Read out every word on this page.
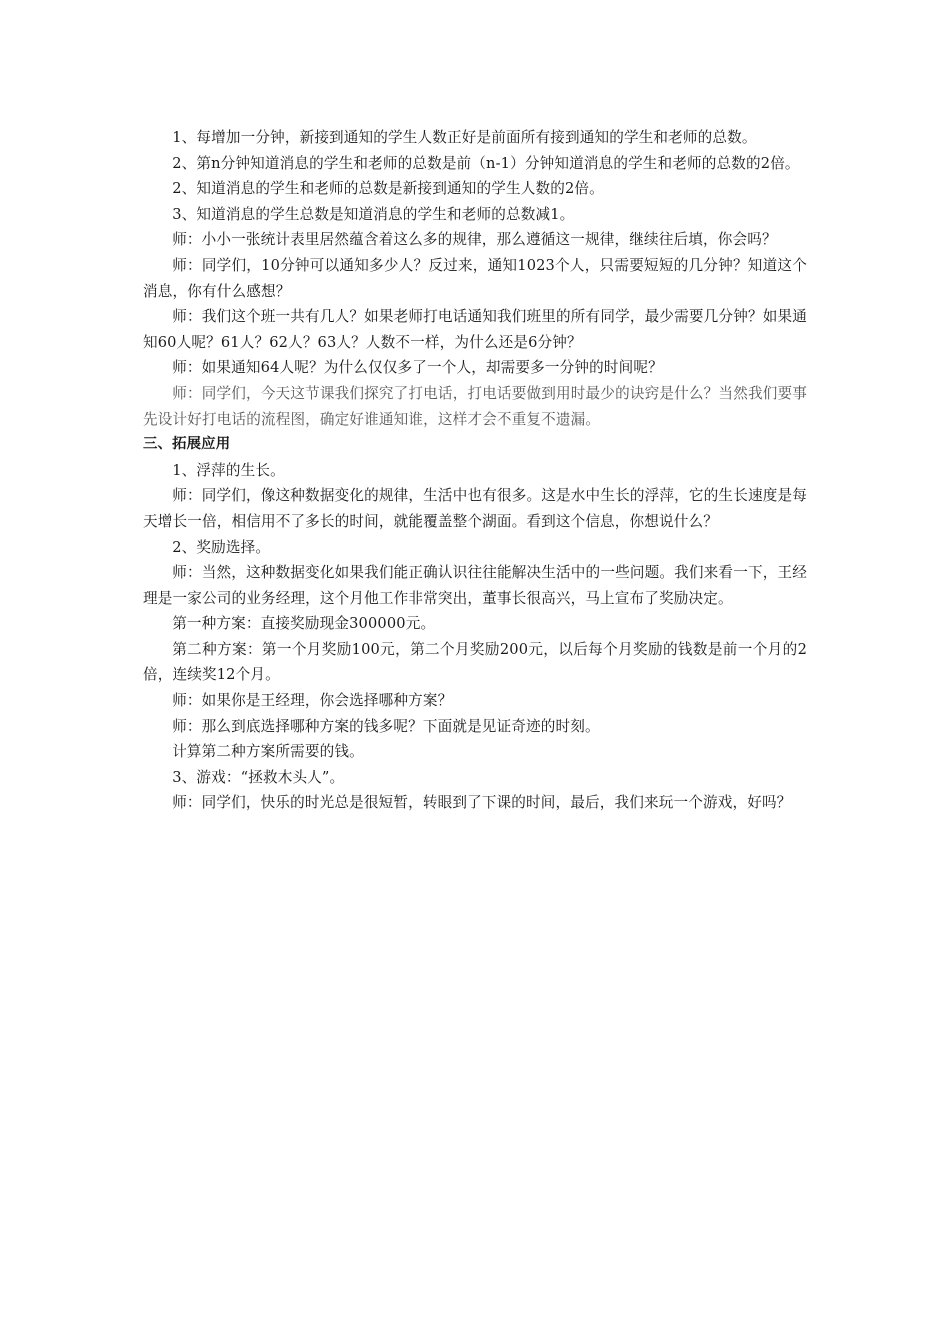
1、每增加一分钟，新接到通知的学生人数正好是前面所有接到通知的学生和老师的总数。

2、第n分钟知道消息的学生和老师的总数是前（n-1）分钟知道消息的学生和老师的总数的2倍。

2、知道消息的学生和老师的总数是新接到通知的学生人数的2倍。

3、知道消息的学生总数是知道消息的学生和老师的总数减1。

师：小小一张统计表里居然蕴含着这么多的规律，那么遵循这一规律，继续往后填，你会吗？

师：同学们，10分钟可以通知多少人？反过来，通知1023个人，只需要短短的几分钟？知道这个消息，你有什么感想？

师：我们这个班一共有几人？如果老师打电话通知我们班里的所有同学，最少需要几分钟？如果通知60人呢？61人？62人？63人？人数不一样，为什么还是6分钟？

师：如果通知64人呢？为什么仅仅多了一个人，却需要多一分钟的时间呢？

师：同学们，今天这节课我们探究了打电话，打电话要做到用时最少的诀窍是什么？当然我们要事先设计好打电话的流程图，确定好谁通知谁，这样才会不重复不遗漏。

三、拓展应用

1、浮萍的生长。

师：同学们，像这种数据变化的规律，生活中也有很多。这是水中生长的浮萍，它的生长速度是每天增长一倍，相信用不了多长的时间，就能覆盖整个湖面。看到这个信息，你想说什么？

2、奖励选择。

师：当然，这种数据变化如果我们能正确认识往往能解决生活中的一些问题。我们来看一下，王经理是一家公司的业务经理，这个月他工作非常突出，董事长很高兴，马上宣布了奖励决定。

第一种方案：直接奖励现金300000元。

第二种方案：第一个月奖励100元，第二个月奖励200元，以后每个月奖励的钱数是前一个月的2倍，连续奖12个月。

师：如果你是王经理，你会选择哪种方案？

师：那么到底选择哪种方案的钱多呢？下面就是见证奇迹的时刻。

计算第二种方案所需要的钱。

3、游戏：“拯救木头人”。

师：同学们，快乐的时光总是很短暂，转眼到了下课的时间，最后，我们来玩一个游戏，好吗？
